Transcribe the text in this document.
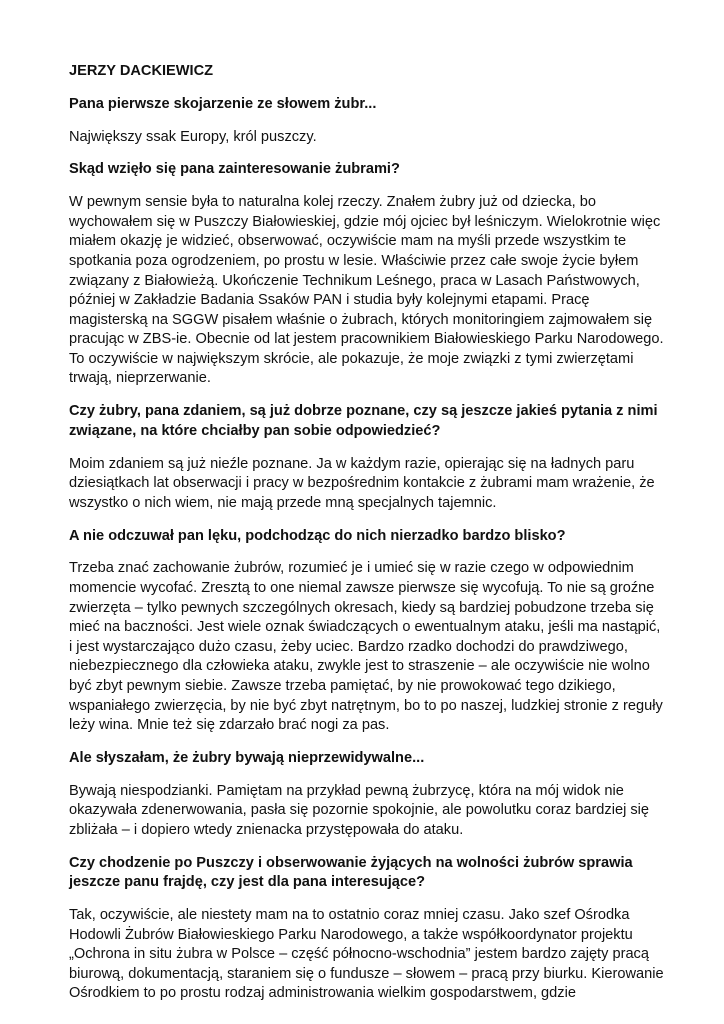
JERZY DACKIEWICZ

Pana pierwsze skojarzenie ze słowem żubr...

Największy ssak Europy, król puszczy.

Skąd wzięło się pana zainteresowanie żubrami?

W pewnym sensie była to naturalna kolej rzeczy. Znałem żubry już od dziecka, bo wychowałem się w Puszczy Białowieskiej, gdzie mój ojciec był leśniczym. Wielokrotnie więc miałem okazję je widzieć, obserwować, oczywiście mam na myśli przede wszystkim te spotkania poza ogrodzeniem, po prostu w lesie. Właściwie przez całe swoje życie byłem związany z Białowieżą. Ukończenie Technikum Leśnego, praca w Lasach Państwowych, później w Zakładzie Badania Ssaków PAN i studia były kolejnymi etapami. Pracę magisterską na SGGW pisałem właśnie o żubrach, których monitoringiem zajmowałem się pracując w ZBS-ie. Obecnie od lat jestem pracownikiem Białowieskiego Parku Narodowego. To oczywiście w największym skrócie, ale pokazuje, że moje związki z tymi zwierzętami trwają, nieprzerwanie.

Czy żubry, pana zdaniem, są już dobrze poznane, czy są jeszcze jakieś pytania z nimi związane, na które chciałby pan sobie odpowiedzieć?

Moim zdaniem są już nieźle poznane. Ja w każdym razie, opierając się na ładnych paru dziesiątkach lat obserwacji i pracy w bezpośrednim kontakcie z żubrami mam wrażenie, że wszystko o nich wiem, nie mają przede mną specjalnych tajemnic.

A nie odczuwał pan lęku, podchodząc do nich nierzadko bardzo blisko?

Trzeba znać zachowanie żubrów, rozumieć je i umieć się w razie czego w odpowiednim momencie wycofać. Zresztą to one niemal zawsze pierwsze się wycofują. To nie są groźne zwierzęta – tylko pewnych szczególnych okresach, kiedy są bardziej pobudzone trzeba się mieć na baczności. Jest wiele oznak świadczących o ewentualnym ataku, jeśli ma nastąpić, i jest wystarczająco dużo czasu, żeby uciec. Bardzo rzadko dochodzi do prawdziwego, niebezpiecznego dla człowieka ataku, zwykle jest to straszenie – ale oczywiście nie wolno być zbyt pewnym siebie. Zawsze trzeba pamiętać, by nie prowokować tego dzikiego, wspaniałego zwierzęcia, by nie być zbyt natrętnym, bo to po naszej, ludzkiej stronie z reguły leży wina. Mnie też się zdarzało brać nogi za pas.

Ale słyszałam, że żubry bywają nieprzewidywalne...

Bywają niespodzianki. Pamiętam na przykład pewną żubrzycę, która na mój widok nie okazywała zdenerwowania, pasła się pozornie spokojnie, ale powolutku coraz bardziej się zbliżała – i dopiero wtedy znienacka przystępowała do ataku.

Czy chodzenie po Puszczy i obserwowanie żyjących na wolności żubrów sprawia jeszcze panu frajdę, czy jest dla pana interesujące?

Tak, oczywiście, ale niestety mam na to ostatnio coraz mniej czasu. Jako szef Ośrodka Hodowli Żubrów Białowieskiego Parku Narodowego, a także współkoordynator projektu „Ochrona in situ żubra w Polsce – część północno-wschodnia” jestem bardzo zajęty pracą biurową, dokumentacją, staraniem się o fundusze – słowem – pracą przy biurku. Kierowanie Ośrodkiem to po prostu rodzaj administrowania wielkim gospodarstwem, gdzie
